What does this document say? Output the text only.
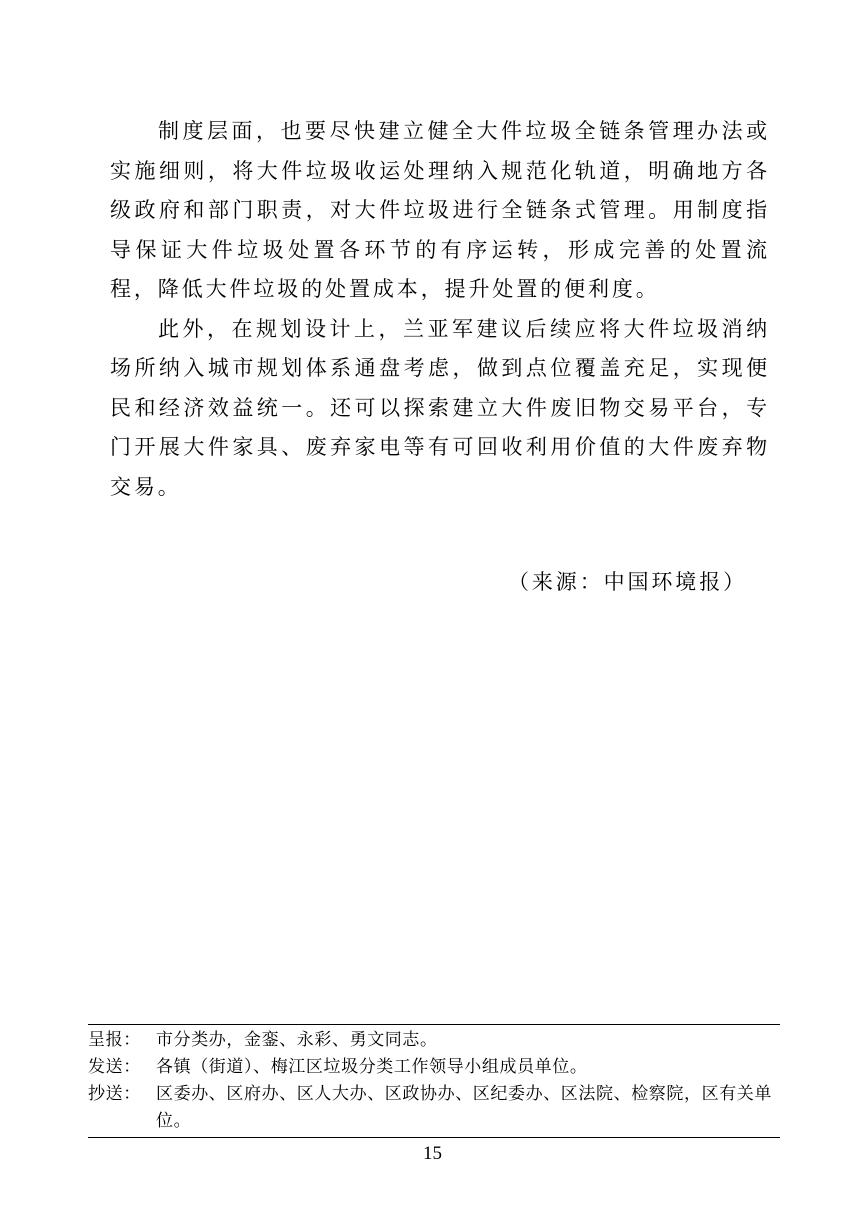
制度层面，也要尽快建立健全大件垃圾全链条管理办法或实施细则，将大件垃圾收运处理纳入规范化轨道，明确地方各级政府和部门职责，对大件垃圾进行全链条式管理。用制度指导保证大件垃圾处置各环节的有序运转，形成完善的处置流程，降低大件垃圾的处置成本，提升处置的便利度。

此外，在规划设计上，兰亚军建议后续应将大件垃圾消纳场所纳入城市规划体系通盘考虑，做到点位覆盖充足，实现便民和经济效益统一。还可以探索建立大件废旧物交易平台，专门开展大件家具、废弃家电等有可回收利用价值的大件废弃物交易。

（来源：中国环境报）
呈报： 市分类办，金銮、永彩、勇文同志。
发送： 各镇（街道）、梅江区垃圾分类工作领导小组成员单位。
抄送： 区委办、区府办、区人大办、区政协办、区纪委办、区法院、检察院，区有关单位。
15
